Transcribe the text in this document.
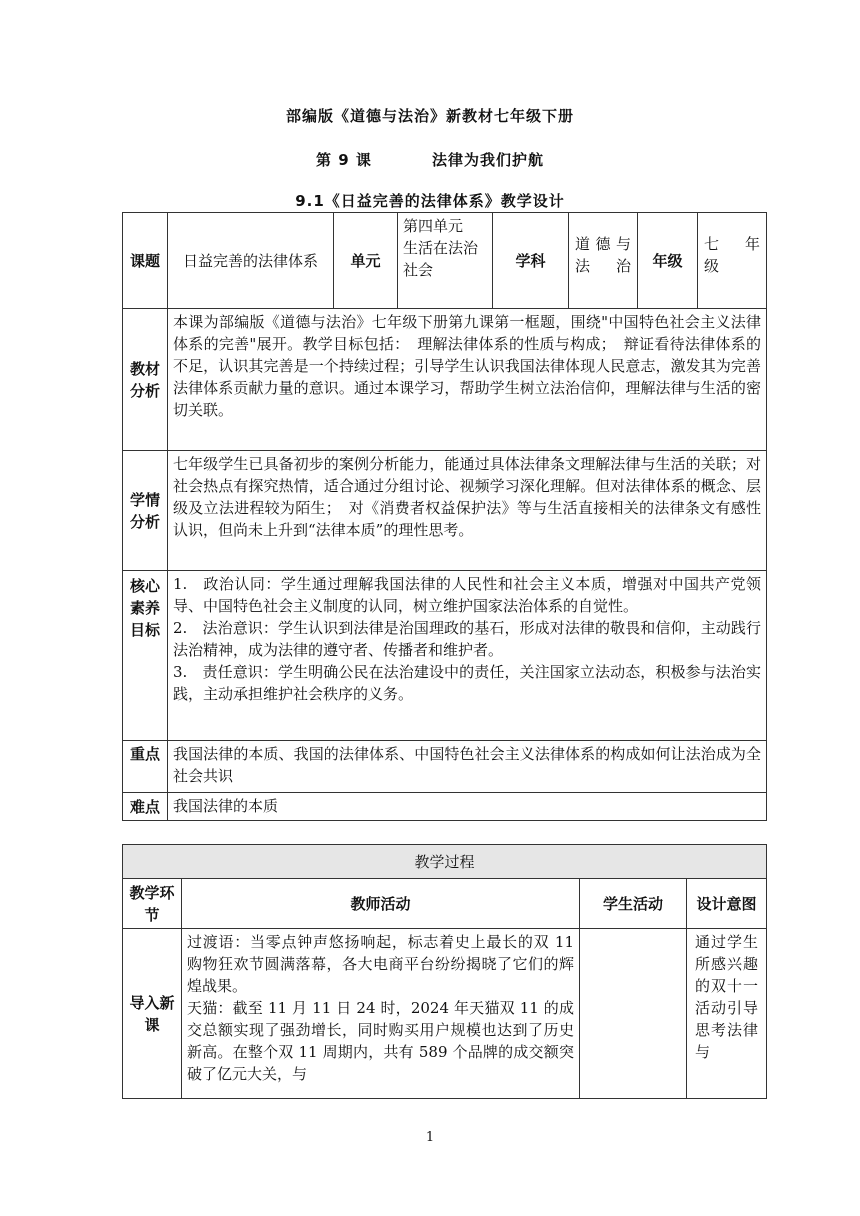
部编版《道德与法治》新教材七年级下册
第 9 课	法律为我们护航
9.1《日益完善的法律体系》教学设计
课题	日益完善的法律体系	单元	第四单元　生活在法治社会	学科	道德与法治	年级	七　年级
教材分析	本课为部编版《道德与法治》七年级下册第九课第一框题，围绕"中国特色社会主义法律体系的完善"展开。教学目标包括：　理解法律体系的性质与构成；　辩证看待法律体系的不足，认识其完善是一个持续过程；引导学生认识我国法律体现人民意志，激发其为完善法律体系贡献力量的意识。通过本课学习，帮助学生树立法治信仰，理解法律与生活的密切关联。						
学情分析	七年级学生已具备初步的案例分析能力，能通过具体法律条文理解法律与生活的关联；对社会热点有探究热情，适合通过分组讨论、视频学习深化理解。但对法律体系的概念、层级及立法进程较为陌生；　对《消费者权益保护法》等与生活直接相关的法律条文有感性认识，但尚未上升到“法律本质”的理性思考。						
核心素养目标	1.　政治认同：学生通过理解我国法律的人民性和社会主义本质，增强对中国共产党领导、中国特色社会主义制度的认同，树立维护国家法治体系的自觉性。
2.　法治意识：学生认识到法律是治国理政的基石，形成对法律的敬畏和信仰，主动践行法治精神，成为法律的遵守者、传播者和维护者。
3.　责任意识：学生明确公民在法治建设中的责任，关注国家立法动态，积极参与法治实践，主动承担维护社会秩序的义务。						

重点	我国法律的本质、我国的法律体系、中国特色社会主义法律体系的构成如何让法治成为全社会共识						
难点	我国法律的本质						
教学过程			
教学环节	教师活动	学生活动	设计意图
导入新课	过渡语：当零点钟声悠扬响起，标志着史上最长的双 11 购物狂欢节圆满落幕，各大电商平台纷纷揭晓了它们的辉煌战果。
天猫：截至 11 月 11 日 24 时，2024 年天猫双 11 的成交总额实现了强劲增长，同时购买用户规模也达到了历史新高。在整个双 11 周期内，共有 589 个品牌的成交额突破了亿元大关，与		通过学生所感兴趣的双十一活动引导思考法律与
1
